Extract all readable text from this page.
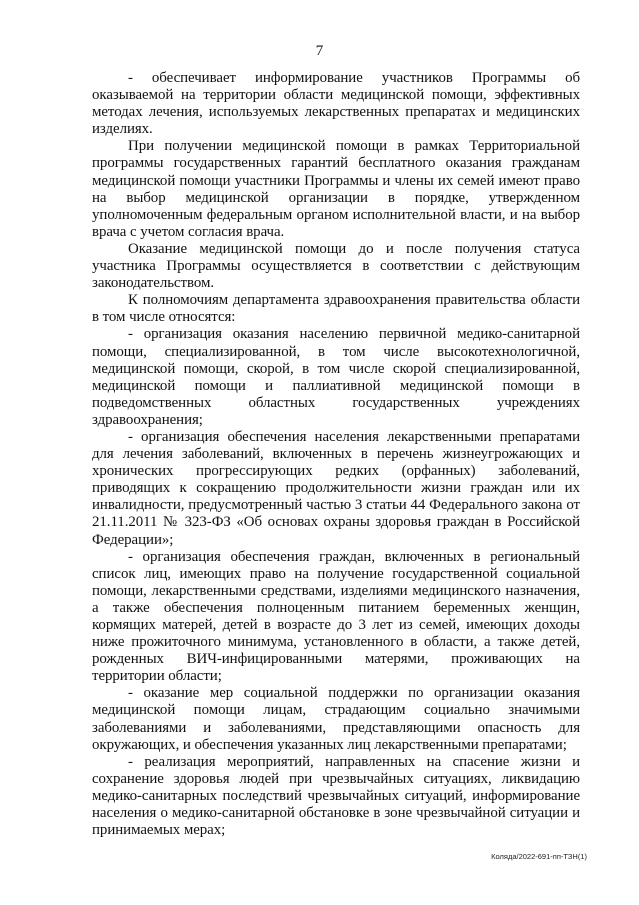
7

- обеспечивает информирование участников Программы об оказываемой на территории области медицинской помощи, эффективных методах лечения, используемых лекарственных препаратах и медицинских изделиях.

При получении медицинской помощи в рамках Территориальной программы государственных гарантий бесплатного оказания гражданам медицинской помощи участники Программы и члены их семей имеют право на выбор медицинской организации в порядке, утвержденном уполномоченным федеральным органом исполнительной власти, и на выбор врача с учетом согласия врача.

Оказание медицинской помощи до и после получения статуса участника Программы осуществляется в соответствии с действующим законодательством.

К полномочиям департамента здравоохранения правительства области в том числе относятся:

- организация оказания населению первичной медико-санитарной помощи, специализированной, в том числе высокотехнологичной, медицинской помощи, скорой, в том числе скорой специализированной, медицинской помощи и паллиативной медицинской помощи в подведомственных областных государственных учреждениях здравоохранения;

- организация обеспечения населения лекарственными препаратами для лечения заболеваний, включенных в перечень жизнеугрожающих и хронических прогрессирующих редких (орфанных) заболеваний, приводящих к сокращению продолжительности жизни граждан или их инвалидности, предусмотренный частью 3 статьи 44 Федерального закона от 21.11.2011 № 323-ФЗ «Об основах охраны здоровья граждан в Российской Федерации»;

- организация обеспечения граждан, включенных в региональный список лиц, имеющих право на получение государственной социальной помощи, лекарственными средствами, изделиями медицинского назначения, а также обеспечения полноценным питанием беременных женщин, кормящих матерей, детей в возрасте до 3 лет из семей, имеющих доходы ниже прожиточного минимума, установленного в области, а также детей, рожденных ВИЧ-инфицированными матерями, проживающих на территории области;

- оказание мер социальной поддержки по организации оказания медицинской помощи лицам, страдающим социально значимыми заболеваниями и заболеваниями, представляющими опасность для окружающих, и обеспечения указанных лиц лекарственными препаратами;

- реализация мероприятий, направленных на спасение жизни и сохранение здоровья людей при чрезвычайных ситуациях, ликвидацию медико-санитарных последствий чрезвычайных ситуаций, информирование населения о медико-санитарной обстановке в зоне чрезвычайной ситуации и принимаемых мерах;

Коляда/2022-691-пп-ТЗН(1)
